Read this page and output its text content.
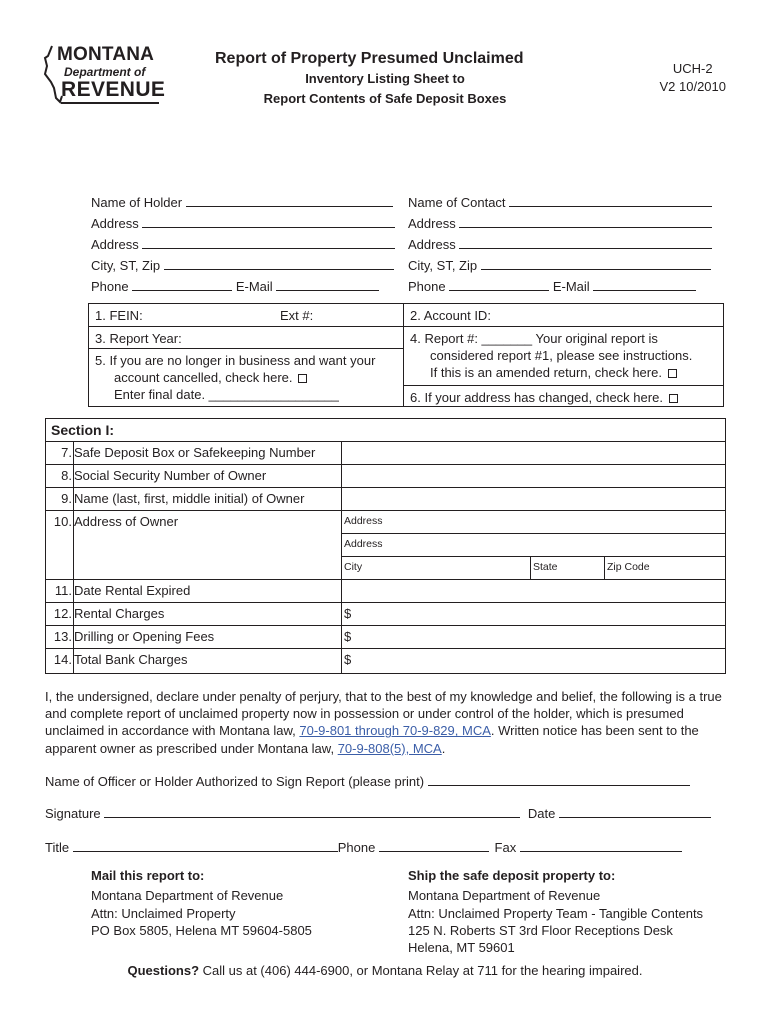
MONTANA
Department of
REVENUE
Report of Property Presumed Unclaimed
Inventory Listing Sheet to
Report Contents of Safe Deposit Boxes
UCH-2
V2 10/2010
Name of Holder
Address
Address
City, ST, Zip
Phone	E-Mail
Name of Contact
Address
Address
City, ST, Zip
Phone	E-Mail
1. FEIN:	Ext #:
3. Report Year:
5. If you are no longer in business and want your
account cancelled, check here.
Enter final date. __________________
2. Account ID:
4. Report #: _______ Your original report is
considered report #1, please see instructions.
If this is an amended return, check here.
6. If your address has changed, check here.
Section I:
7. Safe Deposit Box or Safekeeping Number
8. Social Security Number of Owner
9. Name (last, first, middle initial) of Owner
10. Address of Owner	Address
Address
City	State	Zip Code
11. Date Rental Expired
12. Rental Charges	$
13. Drilling or Opening Fees	$
14. Total Bank Charges	$
I, the undersigned, declare under penalty of perjury, that to the best of my knowledge and belief, the following is a true and complete report of unclaimed property now in possession or under control of the holder, which is presumed unclaimed in accordance with Montana law, 70-9-801 through 70-9-829, MCA. Written notice has been sent to the apparent owner as prescribed under Montana law, 70-9-808(5), MCA.
Name of Officer or Holder Authorized to Sign Report (please print)
Signature	Date
Title	Phone	Fax
Mail this report to:
Montana Department of Revenue
Attn: Unclaimed Property
PO Box 5805, Helena MT 59604-5805
Ship the safe deposit property to:
Montana Department of Revenue
Attn: Unclaimed Property Team - Tangible Contents
125 N. Roberts ST 3rd Floor Receptions Desk
Helena, MT 59601
Questions? Call us at (406) 444-6900, or Montana Relay at 711 for the hearing impaired.
